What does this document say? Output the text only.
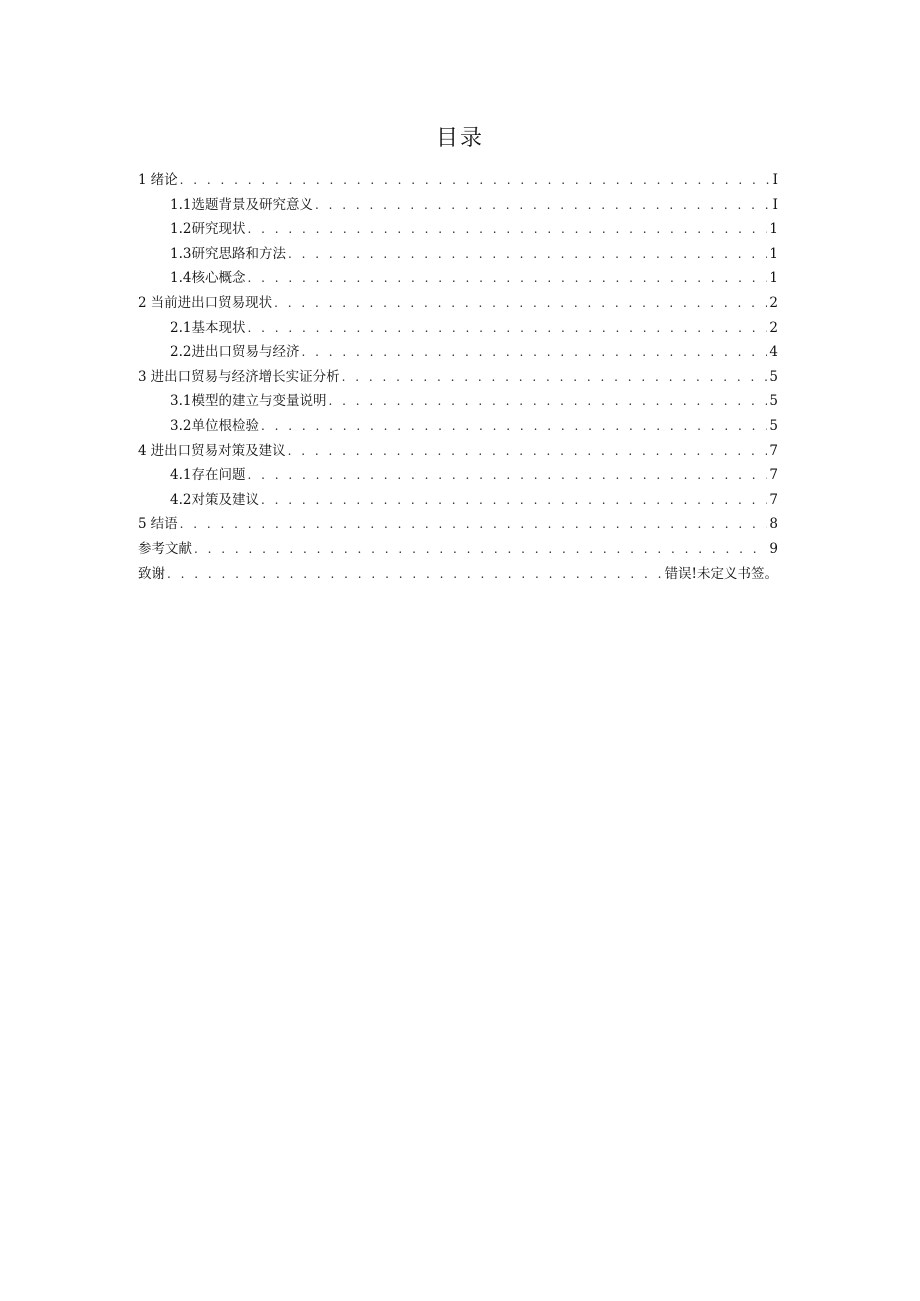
目录
1 绪论 . . .	I
1.1 选题背景及研究意义 . . .	I
1.2 研究现状 . . .	1
1.3 研究思路和方法 . . .	1
1.4 核心概念 . . .	1
2 当前进出口贸易现状 . . .	2
2.1 基本现状 . . .	2
2.2 进出口贸易与经济 . . .	4
3 进出口贸易与经济增长实证分析 . . .	5
3.1 模型的建立与变量说明 . . .	5
3.2 单位根检验 . . .	5
4 进出口贸易对策及建议 . . .	7
4.1 存在问题 . . .	7
4.2 对策及建议 . . .	7
5 结语 . . .	8
参考文献 . . .	9
致谢 . . .	错误!未定义书签。
